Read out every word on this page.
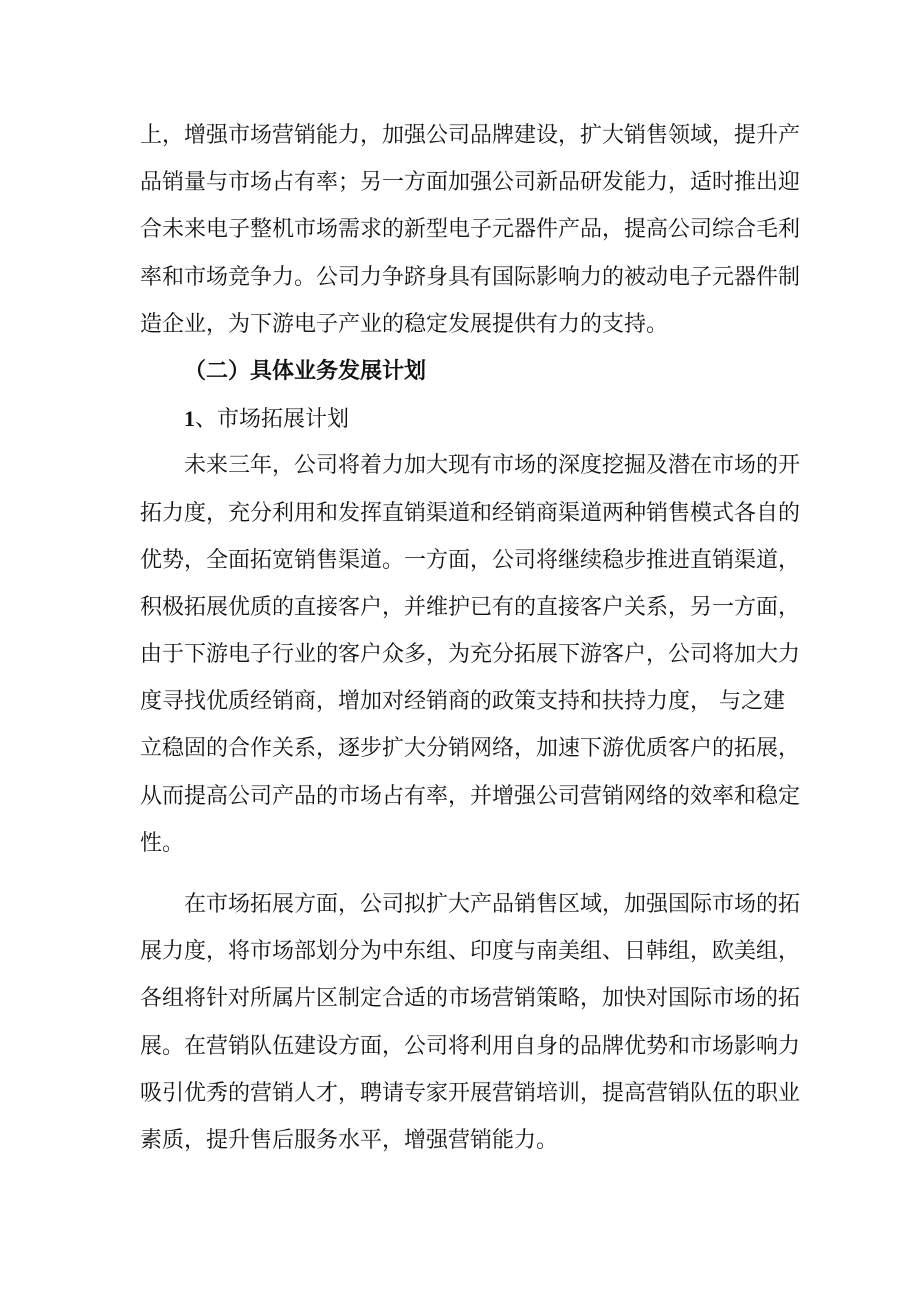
上，增强市场营销能力，加强公司品牌建设，扩大销售领域，提升产
品销量与市场占有率；另一方面加强公司新品研发能力，适时推出迎
合未来电子整机市场需求的新型电子元器件产品，提高公司综合毛利
率和市场竞争力。公司力争跻身具有国际影响力的被动电子元器件制
造企业，为下游电子产业的稳定发展提供有力的支持。
（二）具体业务发展计划
1、市场拓展计划
未来三年，公司将着力加大现有市场的深度挖掘及潜在市场的开
拓力度，充分利用和发挥直销渠道和经销商渠道两种销售模式各自的
优势，全面拓宽销售渠道。一方面，公司将继续稳步推进直销渠道，
积极拓展优质的直接客户，并维护已有的直接客户关系，另一方面，
由于下游电子行业的客户众多，为充分拓展下游客户，公司将加大力
度寻找优质经销商，增加对经销商的政策支持和扶持力度， 与之建
立稳固的合作关系，逐步扩大分销网络，加速下游优质客户的拓展，
从而提高公司产品的市场占有率，并增强公司营销网络的效率和稳定
性。
在市场拓展方面，公司拟扩大产品销售区域，加强国际市场的拓
展力度，将市场部划分为中东组、印度与南美组、日韩组，欧美组，
各组将针对所属片区制定合适的市场营销策略，加快对国际市场的拓
展。在营销队伍建设方面，公司将利用自身的品牌优势和市场影响力
吸引优秀的营销人才，聘请专家开展营销培训，提高营销队伍的职业
素质，提升售后服务水平，增强营销能力。
